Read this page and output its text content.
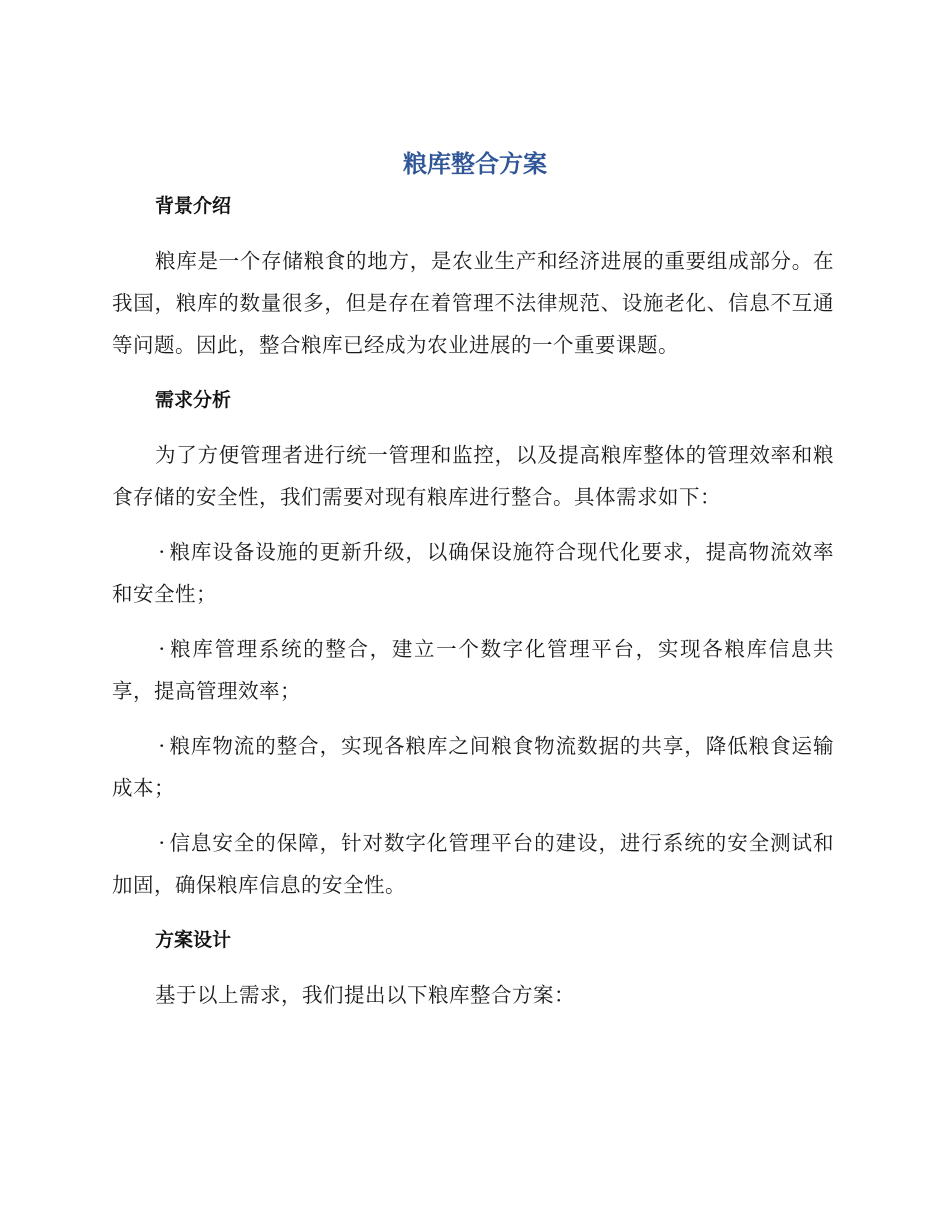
粮库整合方案
背景介绍

粮库是一个存储粮食的地方，是农业生产和经济进展的重要组成部分。在我国，粮库的数量很多，但是存在着管理不法律规范、设施老化、信息不互通等问题。因此，整合粮库已经成为农业进展的一个重要课题。

需求分析

为了方便管理者进行统一管理和监控，以及提高粮库整体的管理效率和粮食存储的安全性，我们需要对现有粮库进行整合。具体需求如下：

· 粮库设备设施的更新升级，以确保设施符合现代化要求，提高物流效率和安全性；

· 粮库管理系统的整合，建立一个数字化管理平台，实现各粮库信息共享，提高管理效率；

· 粮库物流的整合，实现各粮库之间粮食物流数据的共享，降低粮食运输成本；

· 信息安全的保障，针对数字化管理平台的建设，进行系统的安全测试和加固，确保粮库信息的安全性。

方案设计

基于以上需求，我们提出以下粮库整合方案：
